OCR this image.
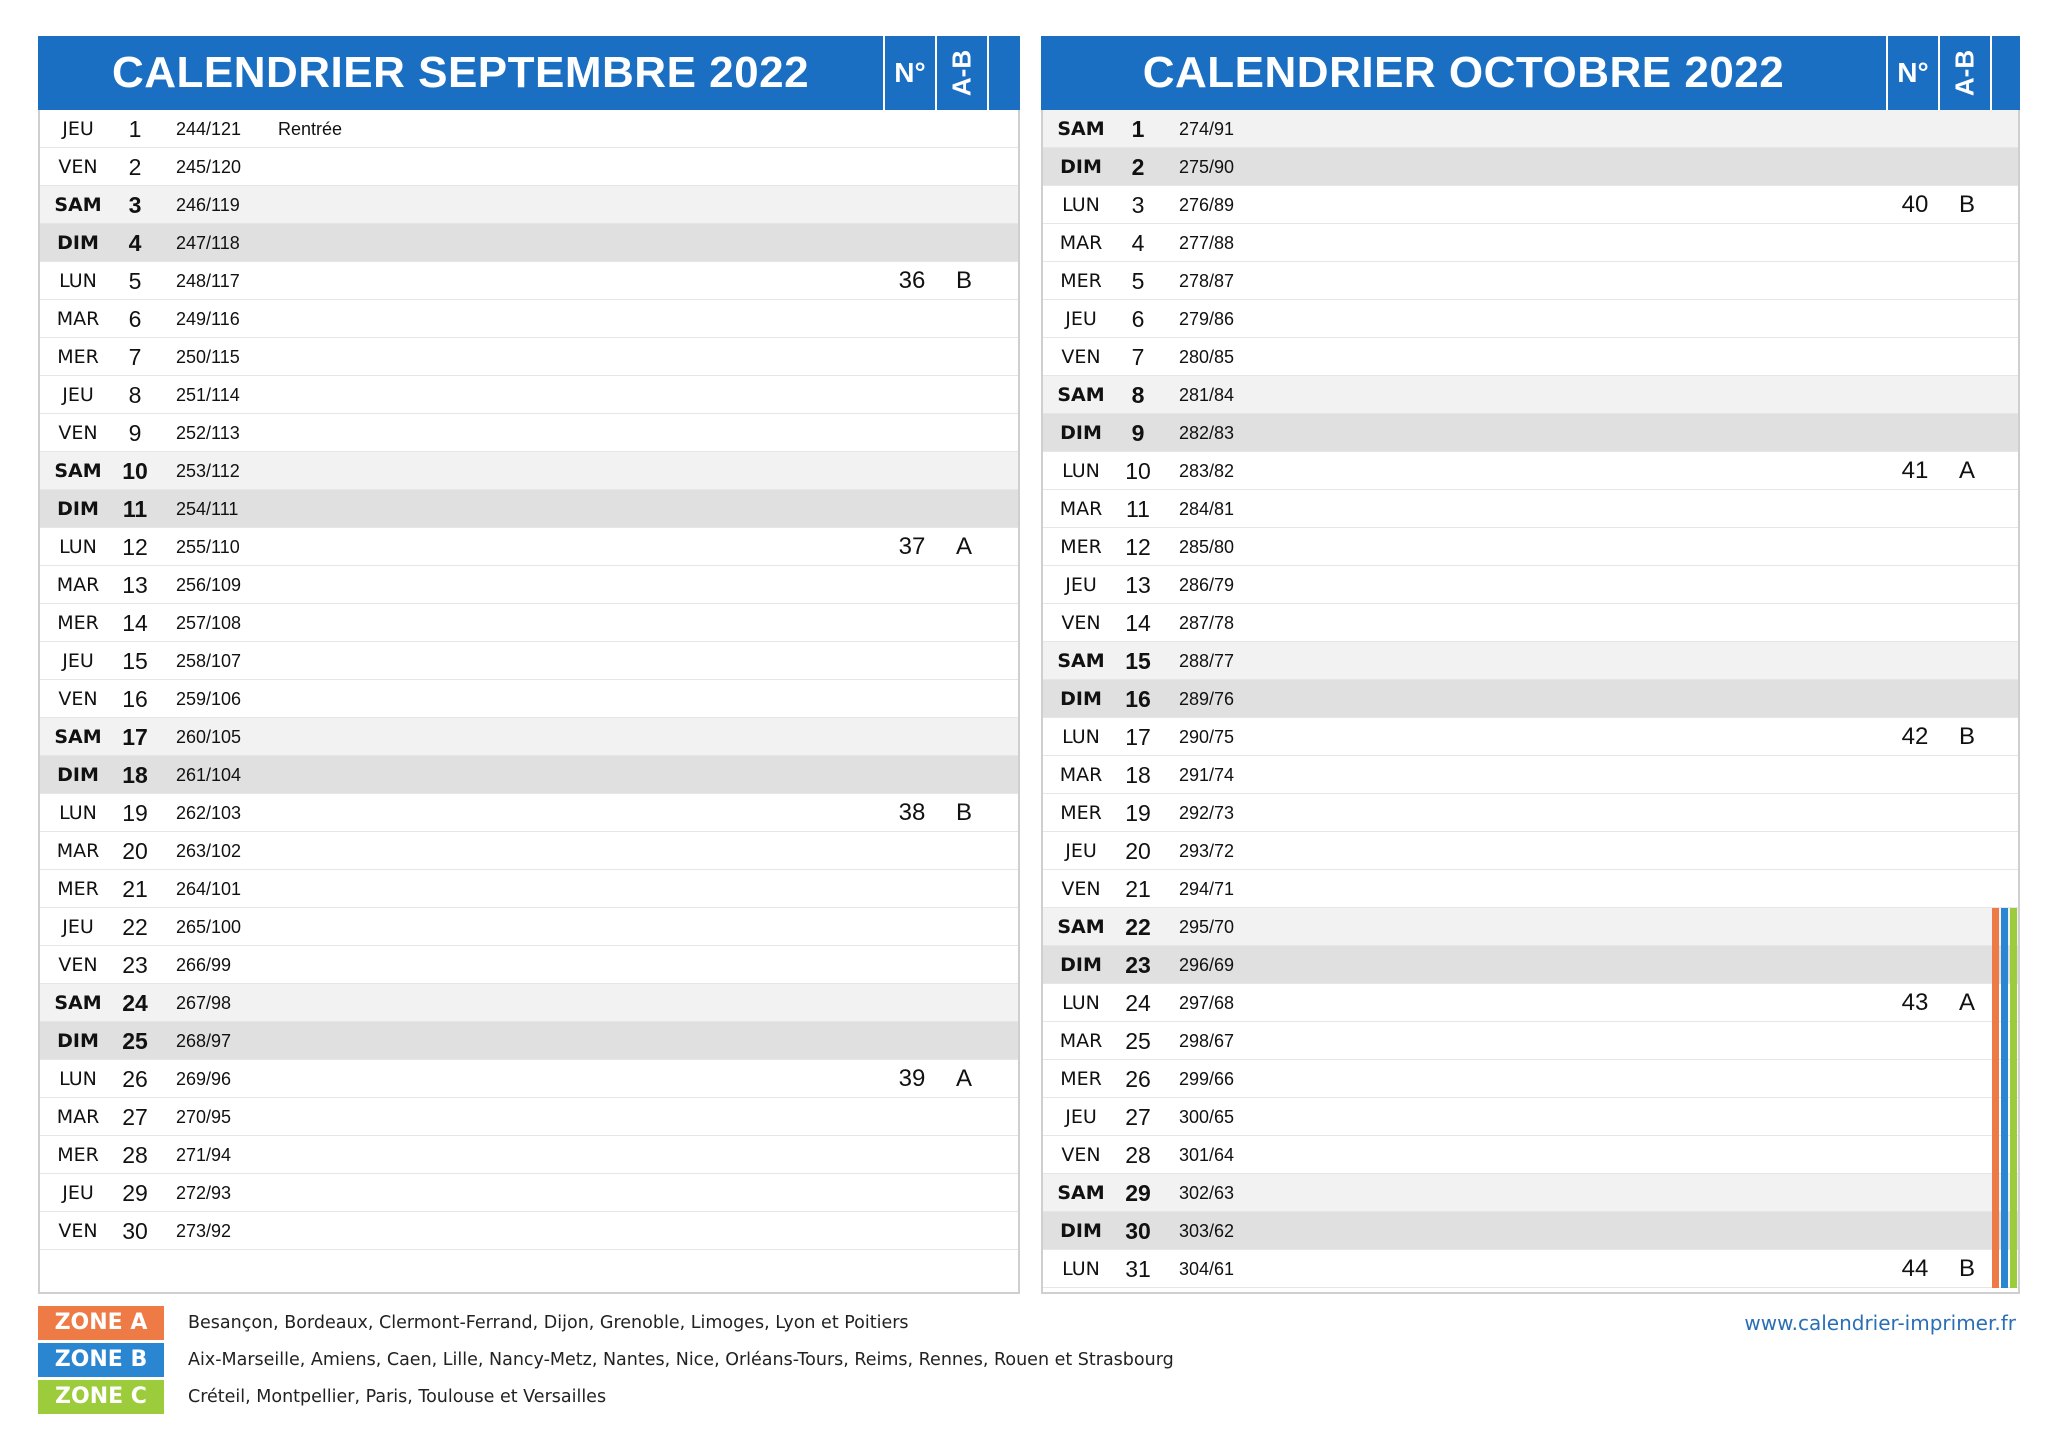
CALENDRIER SEPTEMBRE 2022	N° A-B
JEU	1	244/121 Rentrée
VEN	2	245/120
SAM	3	246/119
DIM	4	247/118
LUN	5	248/117	36	B
MAR	6	249/116
MER	7	250/115
JEU	8	251/114
VEN	9	252/113
SAM 10	253/112
DIM	11	254/111
LUN	12	255/110	37	A
MAR 13	256/109
MER	14	257/108
JEU	15	258/107
VEN	16	259/106
SAM 17	260/105
DIM	18	261/104
LUN	19	262/103	38	B
MAR 20	263/102
MER	21	264/101
JEU	22	265/100
VEN	23	266/99
SAM 24	267/98
DIM	25	268/97
LUN	26	269/96	39	A
MAR 27	270/95
MER	28	271/94
JEU	29	272/93
VEN	30	273/92
CALENDRIER OCTOBRE 2022	N° A-B
SAM	1	274/91
DIM	2	275/90
LUN	3	276/89	40	B
MAR	4	277/88
MER	5	278/87
JEU	6	279/86
VEN	7	280/85
SAM	8	281/84
DIM	9	282/83
LUN	10	283/82	41	A
MAR	11	284/81
MER	12	285/80
JEU	13	286/79
VEN	14	287/78
SAM 15	288/77
DIM	16	289/76
LUN	17	290/75	42	B
MAR 18	291/74
MER	19	292/73
JEU	20	293/72
VEN	21	294/71
SAM 22	295/70
DIM	23	296/69
LUN	24	297/68	43	A
MAR 25	298/67
MER	26	299/66
JEU	27	300/65
VEN	28	301/64
SAM 29	302/63
DIM	30	303/62
LUN	31	304/61	44	B
ZONE A	Besançon, Bordeaux, Clermont-Ferrand, Dijon, Grenoble, Limoges, Lyon et Poitiers
ZONE B	Aix-Marseille, Amiens, Caen, Lille, Nancy-Metz, Nantes, Nice, Orléans-Tours, Reims, Rennes, Rouen et Strasbourg
ZONE C	Créteil, Montpellier, Paris, Toulouse et Versailles
www.calendrier-imprimer.fr
